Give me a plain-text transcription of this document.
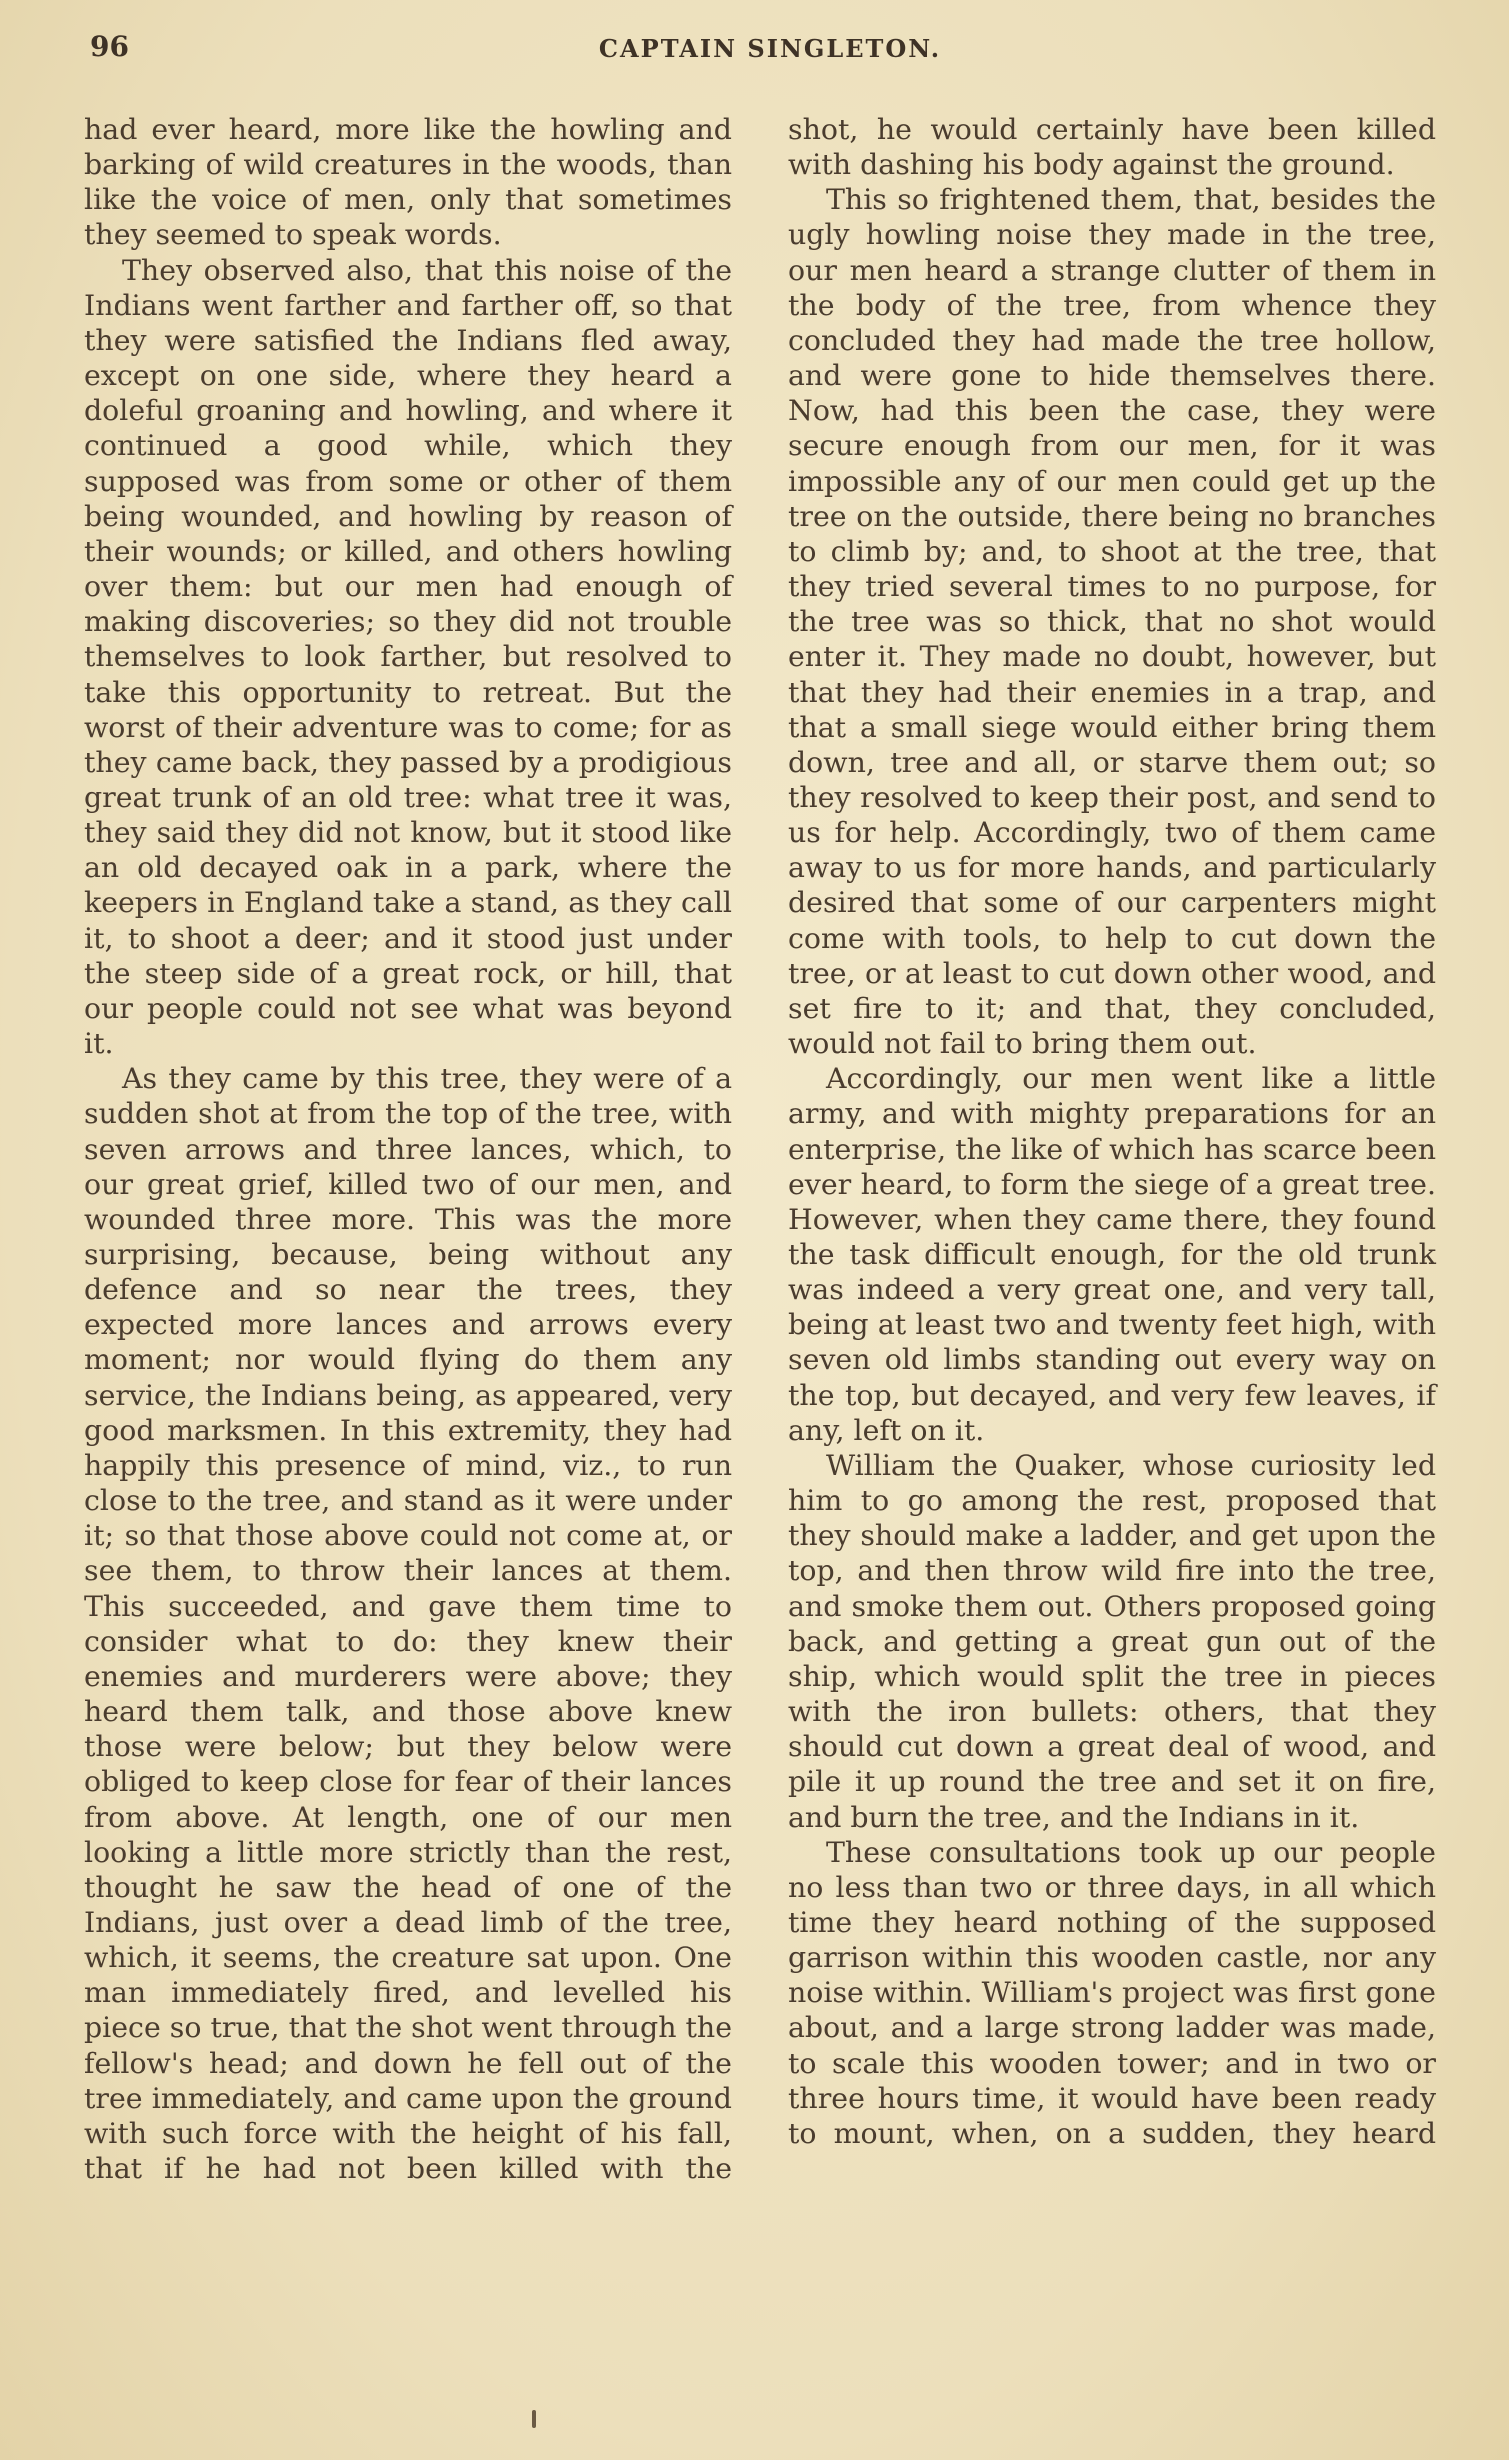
96	CAPTAIN SINGLETON.

had ever heard, more like the howling and barking of wild creatures in the woods, than like the voice of men, only that sometimes they seemed to speak words.

They observed also, that this noise of the Indians went farther and farther off, so that they were satisfied the Indians fled away, except on one side, where they heard a doleful groaning and howling, and where it continued a good while, which they supposed was from some or other of them being wounded, and howling by reason of their wounds; or killed, and others howling over them: but our men had enough of making discoveries; so they did not trouble themselves to look farther, but resolved to take this opportunity to retreat. But the worst of their adventure was to come; for as they came back, they passed by a prodigious great trunk of an old tree: what tree it was, they said they did not know, but it stood like an old decayed oak in a park, where the keepers in England take a stand, as they call it, to shoot a deer; and it stood just under the steep side of a great rock, or hill, that our people could not see what was beyond it.

As they came by this tree, they were of a sudden shot at from the top of the tree, with seven arrows and three lances, which, to our great grief, killed two of our men, and wounded three more. This was the more surprising, because, being without any defence and so near the trees, they expected more lances and arrows every moment; nor would flying do them any service, the Indians being, as appeared, very good marksmen. In this extremity, they had happily this presence of mind, viz., to run close to the tree, and stand as it were under it; so that those above could not come at, or see them, to throw their lances at them. This succeeded, and gave them time to consider what to do: they knew their enemies and murderers were above; they heard them talk, and those above knew those were below; but they below were obliged to keep close for fear of their lances from above. At length, one of our men looking a little more strictly than the rest, thought he saw the head of one of the Indians, just over a dead limb of the tree, which, it seems, the creature sat upon. One man immediately fired, and levelled his piece so true, that the shot went through the fellow's head; and down he fell out of the tree immediately, and came upon the ground with such force with the height of his fall, that if he had not been killed with the

shot, he would certainly have been killed with dashing his body against the ground.

This so frightened them, that, besides the ugly howling noise they made in the tree, our men heard a strange clutter of them in the body of the tree, from whence they concluded they had made the tree hollow, and were gone to hide themselves there. Now, had this been the case, they were secure enough from our men, for it was impossible any of our men could get up the tree on the outside, there being no branches to climb by; and, to shoot at the tree, that they tried several times to no purpose, for the tree was so thick, that no shot would enter it. They made no doubt, however, but that they had their enemies in a trap, and that a small siege would either bring them down, tree and all, or starve them out; so they resolved to keep their post, and send to us for help. Accordingly, two of them came away to us for more hands, and particularly desired that some of our carpenters might come with tools, to help to cut down the tree, or at least to cut down other wood, and set fire to it; and that, they concluded, would not fail to bring them out.

Accordingly, our men went like a little army, and with mighty preparations for an enterprise, the like of which has scarce been ever heard, to form the siege of a great tree. However, when they came there, they found the task difficult enough, for the old trunk was indeed a very great one, and very tall, being at least two and twenty feet high, with seven old limbs standing out every way on the top, but decayed, and very few leaves, if any, left on it.

William the Quaker, whose curiosity led him to go among the rest, proposed that they should make a ladder, and get upon the top, and then throw wild fire into the tree, and smoke them out. Others proposed going back, and getting a great gun out of the ship, which would split the tree in pieces with the iron bullets: others, that they should cut down a great deal of wood, and pile it up round the tree and set it on fire, and burn the tree, and the Indians in it.

These consultations took up our people no less than two or three days, in all which time they heard nothing of the supposed garrison within this wooden castle, nor any noise within. William's project was first gone about, and a large strong ladder was made, to scale this wooden tower; and in two or three hours time, it would have been ready to mount, when, on a sudden, they heard
